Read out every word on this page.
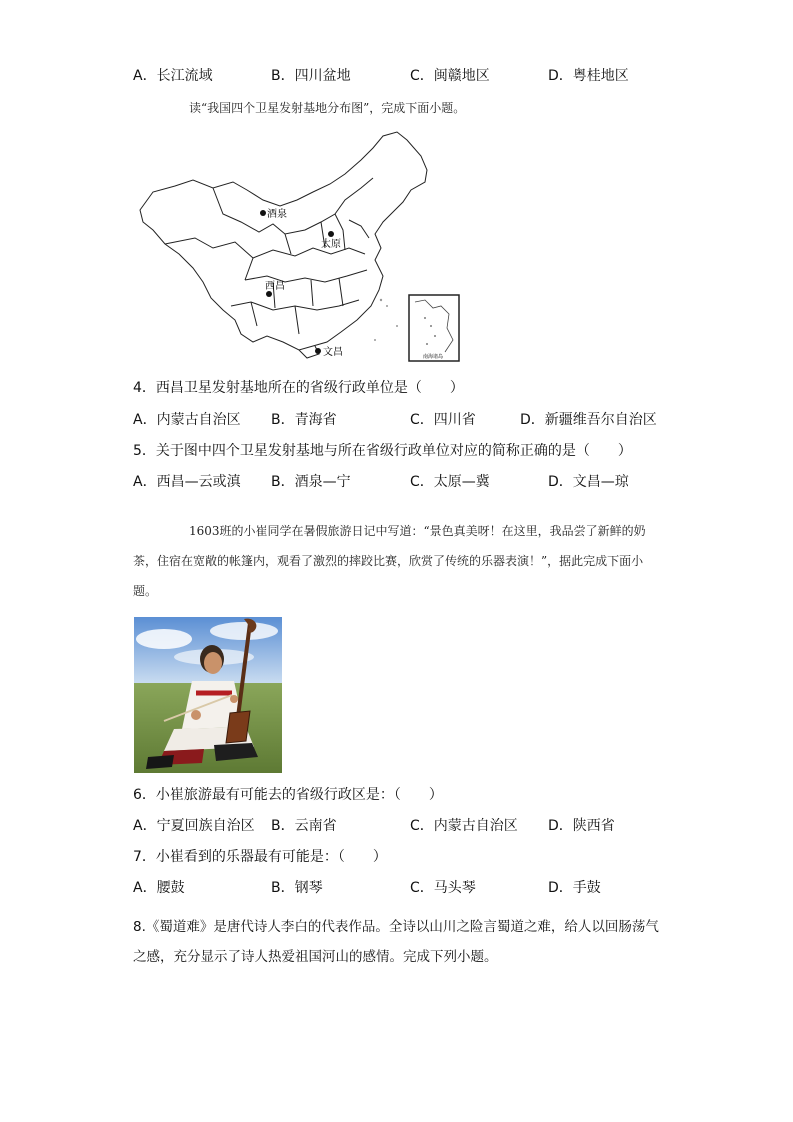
A．长江流域	B．四川盆地	C．闽赣地区	D．粤桂地区
读“我国四个卫星发射基地分布图”，完成下面小题。
酒泉
太原
西昌
文昌	南海诸岛
4．西昌卫星发射基地所在的省级行政单位是（　　）
A．内蒙古自治区 B．青海省	C．四川省	D．新疆维吾尔自治区
5．关于图中四个卫星发射基地与所在省级行政单位对应的简称正确的是（　　）
A．西昌—云或滇 B．酒泉—宁	C．太原—冀	D．文昌—琼
1603班的小崔同学在暑假旅游日记中写道：“景色真美呀！在这里，我品尝了新鲜的奶茶，住宿在宽敞的帐篷内，观看了激烈的摔跤比赛，欣赏了传统的乐器表演！”，据此完成下面小题。
6．小崔旅游最有可能去的省级行政区是：（　　）
A．宁夏回族自治区 B．云南省	C．内蒙古自治区 D．陕西省
7．小崔看到的乐器最有可能是：（　　）
A．腰鼓	B．钢琴	C．马头琴	D．手鼓
8.《蜀道难》是唐代诗人李白的代表作品。全诗以山川之险言蜀道之难，给人以回肠荡气之感，充分显示了诗人热爱祖国河山的感情。完成下列小题。
